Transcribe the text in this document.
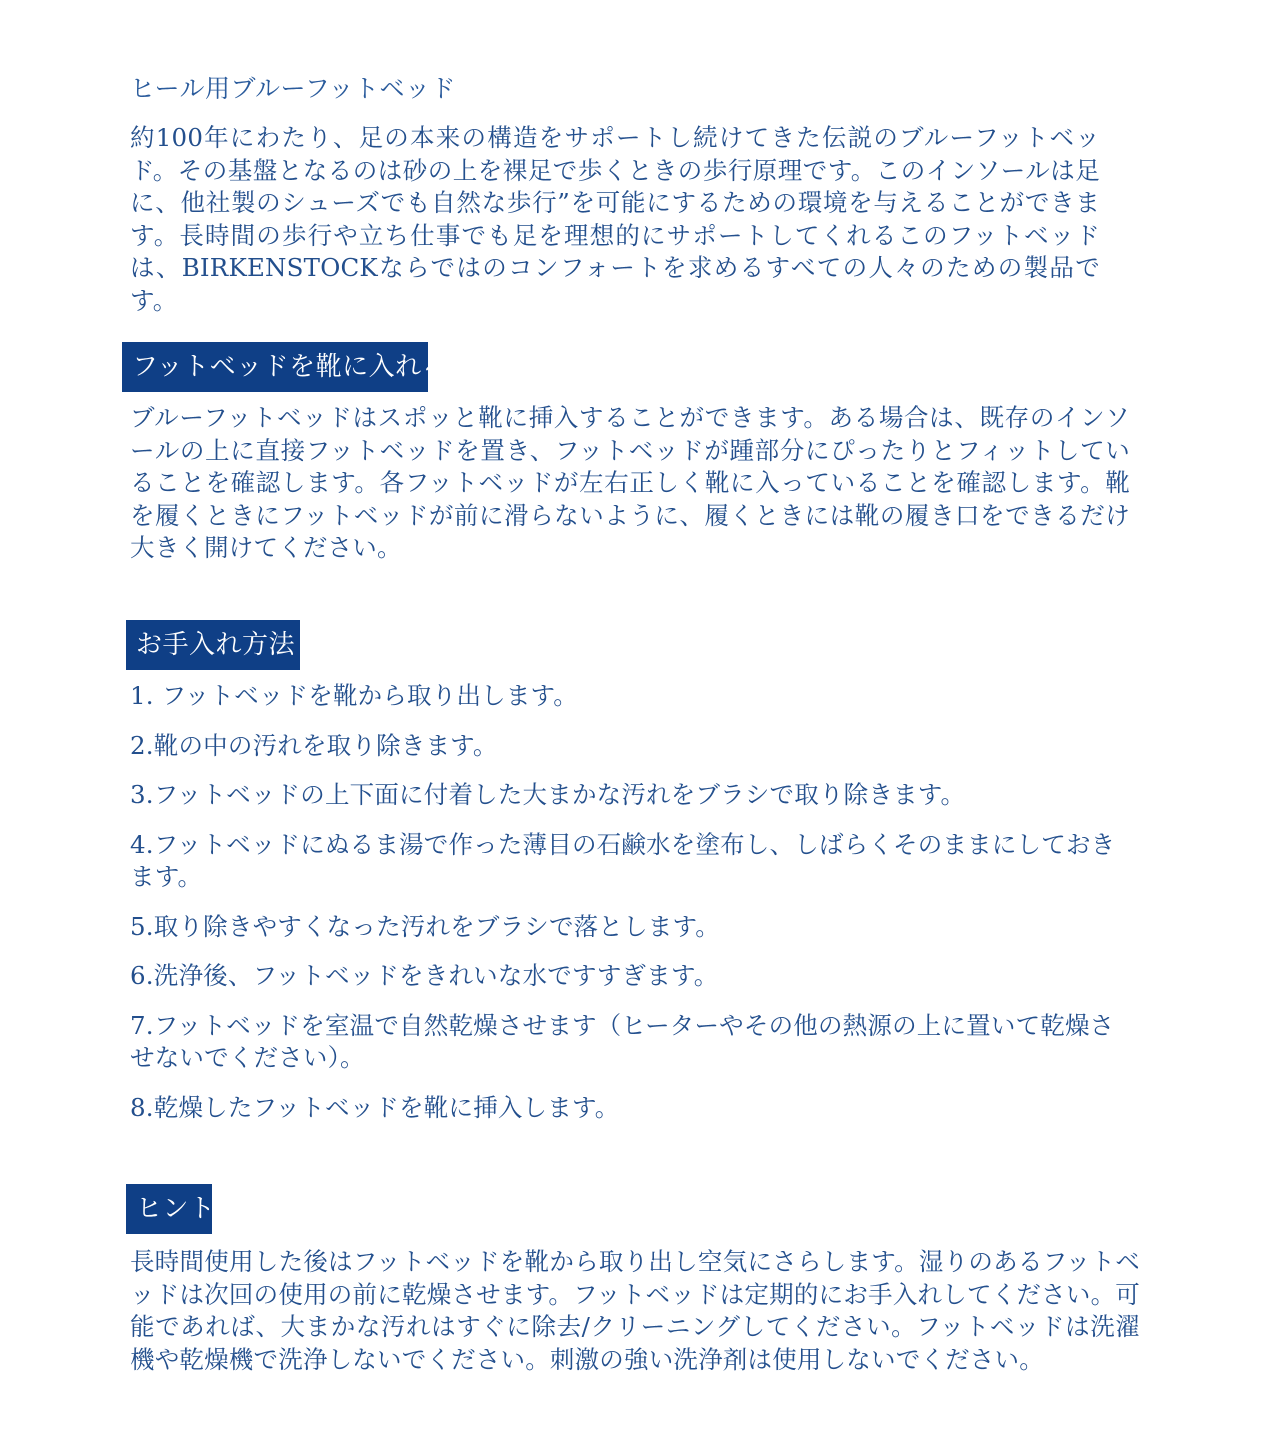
ヒール用ブルーフットベッド

約100年にわたり、足の本来の構造をサポートし続けてきた伝説のブルーフットベッド。その基盤となるのは砂の上を裸足で歩くときの歩行原理です。このインソールは足に、他社製のシューズでも自然な歩行”を可能にするための環境を与えることができます。長時間の歩行や立ち仕事でも足を理想的にサポートしてくれるこのフットベッドは、BIRKENSTOCKならではのコンフォートを求めるすべての人々のための製品です。

フットベッドを靴に入れる

ブルーフットベッドはスポッと靴に挿入することができます。ある場合は、既存のインソールの上に直接フットベッドを置き、フットベッドが踵部分にぴったりとフィットしていることを確認します。各フットベッドが左右正しく靴に入っていることを確認します。靴を履くときにフットベッドが前に滑らないように、履くときには靴の履き口をできるだけ大きく開けてください。

お手入れ方法
1. フットベッドを靴から取り出します。
2.靴の中の汚れを取り除きます。
3.フットベッドの上下面に付着した大まかな汚れをブラシで取り除きます。
4.フットベッドにぬるま湯で作った薄目の石鹸水を塗布し、しばらくそのままにしておきます。
5.取り除きやすくなった汚れをブラシで落とします。
6.洗浄後、フットベッドをきれいな水ですすぎます。
7.フットベッドを室温で自然乾燥させます（ヒーターやその他の熱源の上に置いて乾燥させないでください）。
8.乾燥したフットベッドを靴に挿入します。
ヒント

長時間使用した後はフットベッドを靴から取り出し空気にさらします。湿りのあるフットベッドは次回の使用の前に乾燥させます。フットベッドは定期的にお手入れしてください。可能であれば、大まかな汚れはすぐに除去/クリーニングしてください。フットベッドは洗濯機や乾燥機で洗浄しないでください。刺激の強い洗浄剤は使用しないでください。
